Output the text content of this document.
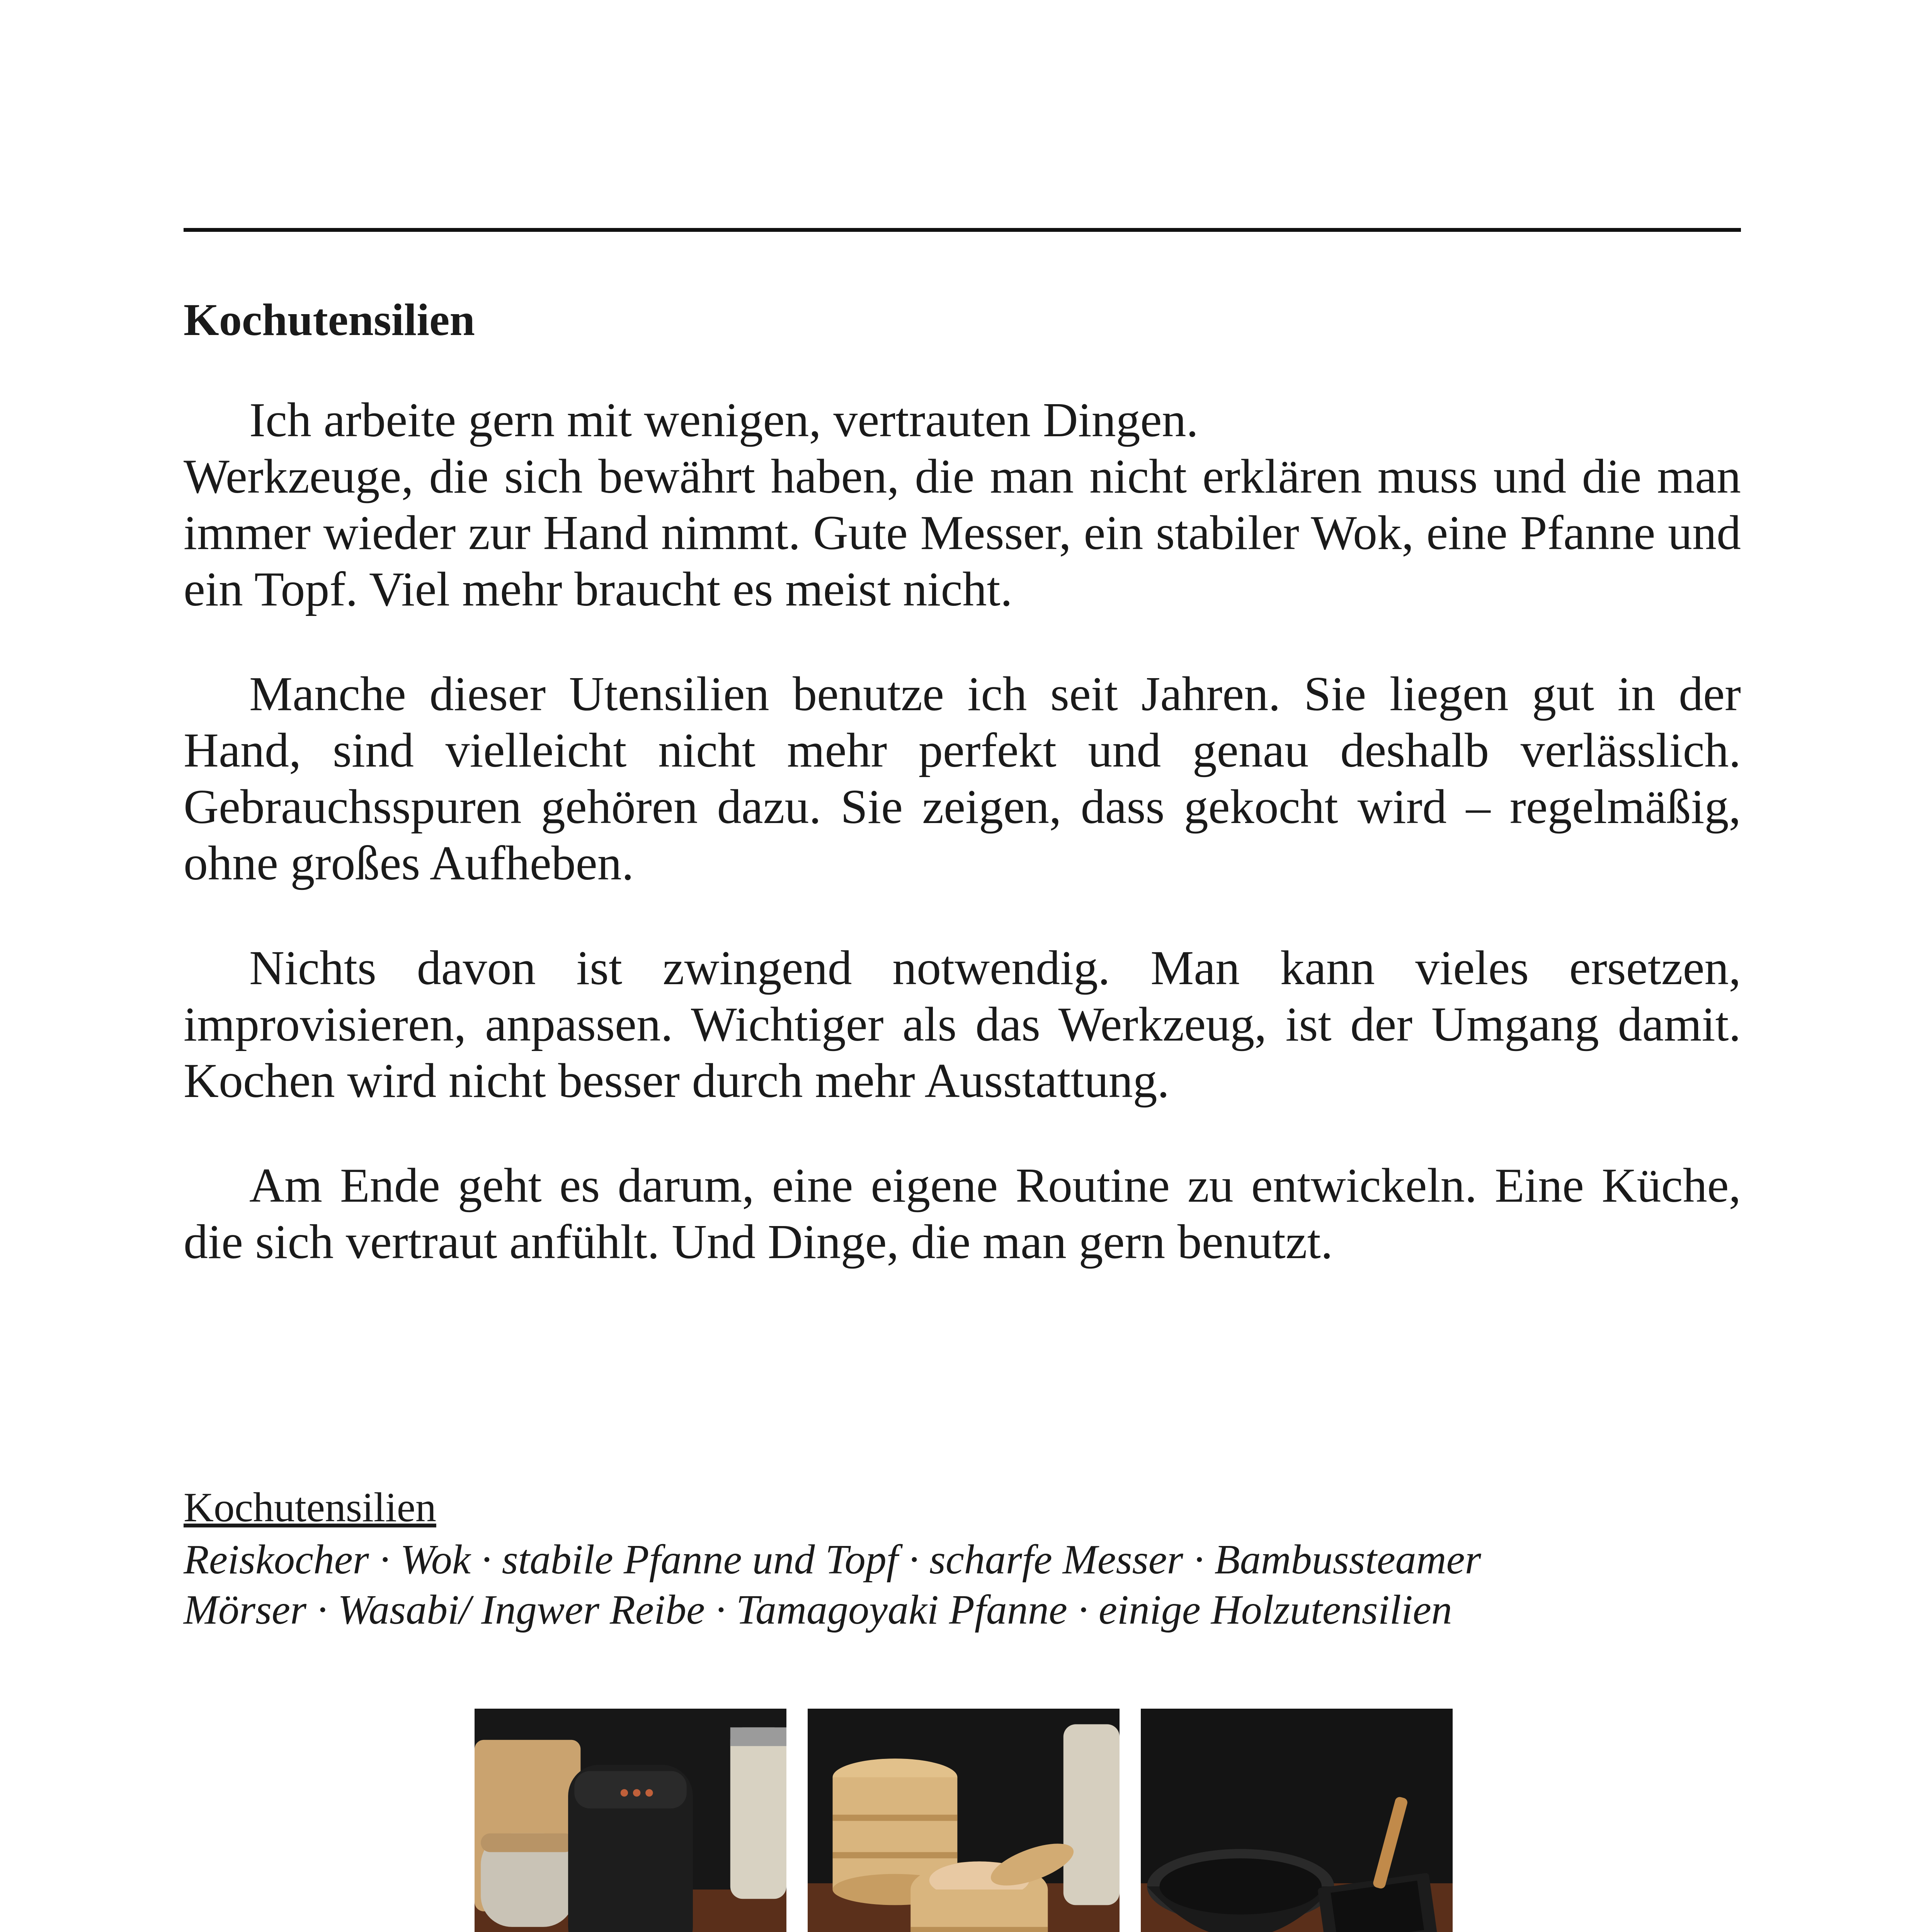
Kochutensilien

Ich arbeite gern mit wenigen, vertrauten Dingen.

Werkzeuge, die sich bewährt haben, die man nicht erklären muss und die man immer wieder zur Hand nimmt. Gute Messer, ein stabiler Wok, eine Pfanne und ein Topf. Viel mehr braucht es meist nicht.

Manche dieser Utensilien benutze ich seit Jahren. Sie liegen gut in der Hand, sind vielleicht nicht mehr perfekt und genau deshalb verlässlich. Gebrauchsspuren gehören dazu. Sie zeigen, dass gekocht wird – regelmäßig, ohne großes Aufheben.

Nichts davon ist zwingend notwendig. Man kann vieles ersetzen, improvisieren, anpassen. Wichtiger als das Werkzeug, ist der Umgang damit. Kochen wird nicht besser durch mehr Ausstattung.

Am Ende geht es darum, eine eigene Routine zu entwickeln. Eine Küche, die sich vertraut anfühlt. Und Dinge, die man gern benutzt.

Kochutensilien
Reiskocher · Wok · stabile Pfanne und Topf · scharfe Messer · Bambussteamer
Mörser · Wasabi/ Ingwer Reibe · Tamagoyaki Pfanne · einige Holzutensilien
